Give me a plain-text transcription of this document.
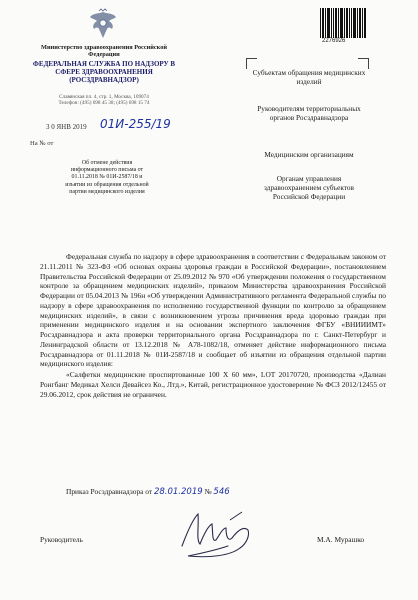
Министерство здравоохранения Российской Федерации
ФЕДЕРАЛЬНАЯ СЛУЖБА ПО НАДЗОРУ В СФЕРЕ ЗДРАВООХРАНЕНИЯ (РОСЗДРАВНАДЗОР)
Славянская пл. 4, стр. 1, Москва, 109074
Телефон: (495) 698 45 38; (495) 698 15 74
3 0 ЯНВ 2019 01И-255/19
На № от
Об отмене действия информационного письма от 01.11.2018 № 01И-2587/18 и изъятии из обращения отдельной партии медицинского изделия
2276926
Субъектам обращения медицинских изделий
Руководителям территориальных органов Росздравнадзора
Медицинским организациям
Органам управления здравоохранением субъектов Российской Федерации

Федеральная служба по надзору в сфере здравоохранения в соответствии с Федеральным законом от 21.11.2011 № 323-ФЗ «Об основах охраны здоровья граждан в Российской Федерации», постановлением Правительства Российской Федерации от 25.09.2012 № 970 «Об утверждении положения о государственном контроле за обращением медицинских изделий», приказом Министерства здравоохранения Российской Федерации от 05.04.2013 № 196н «Об утверждении Административного регламента Федеральной службы по надзору в сфере здравоохранения по исполнению государственной функции по контролю за обращением медицинских изделий», в связи с возникновением угрозы причинения вреда здоровью граждан при применении медицинского изделия и на основании экспертного заключения ФГБУ «ВНИИИМТ» Росздравнадзора и акта проверки территориального органа Росздравнадзора по г. Санкт-Петербург и Ленинградской области от 13.12.2018 № А78-1082/18, отменяет действие информационного письма Росздравнадзора от 01.11.2018 № 01И-2587/18 и сообщает об изъятии из обращения отдельной партии медицинского изделия:

«Салфетки медицинские проспиртованные 100 Х 60 мм», LOT 20170720, производства «Далиан Ронгбанг Медикал Хелси Девайсез Ко., Лтд.», Китай, регистрационное удостоверение № ФСЗ 2012/12455 от 29.06.2012, срок действия не ограничен.

Приказ Росздравнадзора от 28.01.2019 № 546
Руководитель	М.А. Мурашко
